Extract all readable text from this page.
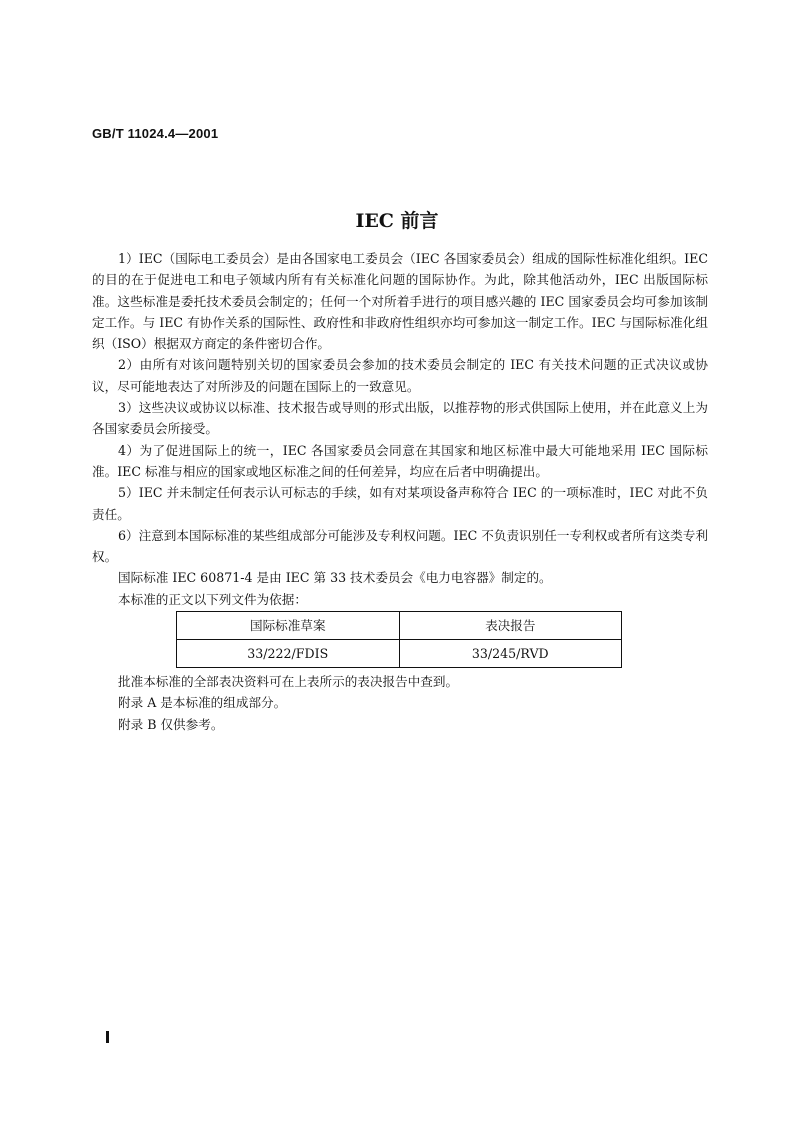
GB/T 11024.4—2001
IEC 前言

1）IEC（国际电工委员会）是由各国家电工委员会（IEC 各国家委员会）组成的国际性标准化组织。IEC 的目的在于促进电工和电子领域内所有有关标准化问题的国际协作。为此，除其他活动外，IEC 出版国际标准。这些标准是委托技术委员会制定的；任何一个对所着手进行的项目感兴趣的 IEC 国家委员会均可参加该制定工作。与 IEC 有协作关系的国际性、政府性和非政府性组织亦均可参加这一制定工作。IEC 与国际标准化组织（ISO）根据双方商定的条件密切合作。

2）由所有对该问题特别关切的国家委员会参加的技术委员会制定的 IEC 有关技术问题的正式决议或协议，尽可能地表达了对所涉及的问题在国际上的一致意见。

3）这些决议或协议以标准、技术报告或导则的形式出版，以推荐物的形式供国际上使用，并在此意义上为各国家委员会所接受。

4）为了促进国际上的统一，IEC 各国家委员会同意在其国家和地区标准中最大可能地采用 IEC 国际标准。IEC 标准与相应的国家或地区标准之间的任何差异，均应在后者中明确提出。

5）IEC 并未制定任何表示认可标志的手续，如有对某项设备声称符合 IEC 的一项标准时，IEC 对此不负责任。

6）注意到本国际标准的某些组成部分可能涉及专利权问题。IEC 不负责识别任一专利权或者所有这类专利权。

国际标准 IEC 60871-4 是由 IEC 第 33 技术委员会《电力电容器》制定的。

本标准的正文以下列文件为依据：

国际标准草案	表决报告
33/222/FDIS	33/245/RVD

批准本标准的全部表决资料可在上表所示的表决报告中查到。

附录 A 是本标准的组成部分。

附录 B 仅供参考。
